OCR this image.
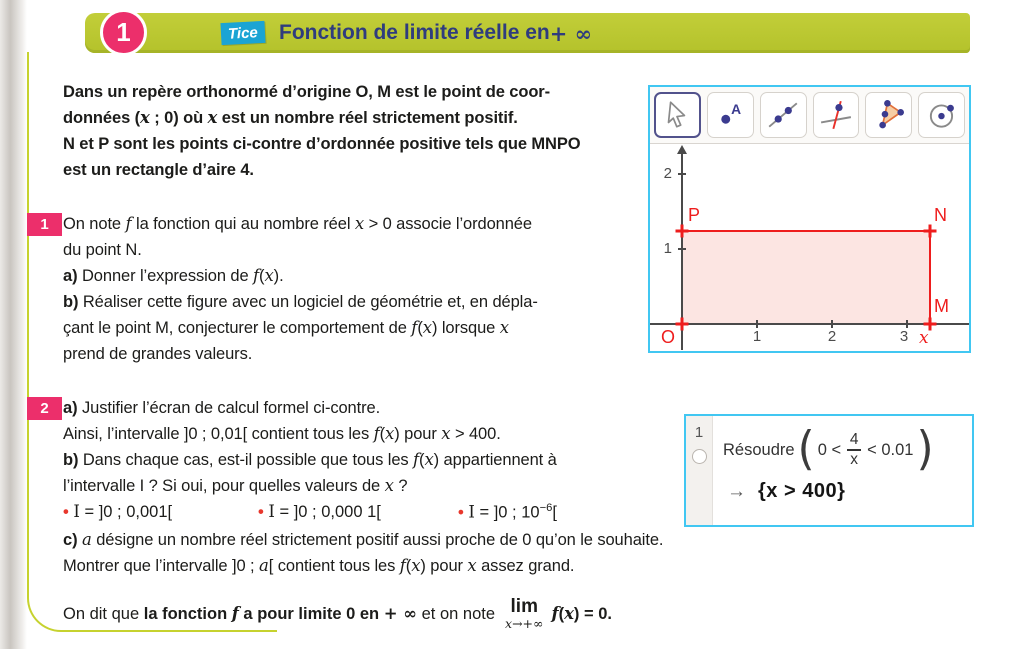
Tice Fonction de limite réelle en + ∞
1
Dans un repère orthonormé d’origine O, M est le point de coor-
données (x ; 0) où x est un nombre réel strictement positif.
N et P sont les points ci-contre d’ordonnée positive tels que MNPO
est un rectangle d’aire 4.
1 On note f la fonction qui au nombre réel x > 0 associe l’ordonnée
du point N.
a) Donner l’expression de f(x).
b) Réaliser cette figure avec un logiciel de géométrie et, en dépla-
çant le point M, conjecturer le comportement de f(x) lorsque x
prend de grandes valeurs.
2 a) Justifier l’écran de calcul formel ci-contre.
Ainsi, l’intervalle ]0 ; 0,01[ contient tous les f(x) pour x > 400.
b) Dans chaque cas, est-il possible que tous les f(x) appartiennent à
l’intervalle I ? Si oui, pour quelles valeurs de x ?
• I = ]0 ; 0,001[	• I = ]0 ; 0,000 1[	• I = ]0 ; $10^{-6}$[
c) a désigne un nombre réel strictement positif aussi proche de 0 qu’on le souhaite.
Montrer que l’intervalle ]0 ; a[ contient tous les f(x) pour x assez grand.
On dit que la fonction f a pour limite 0 en + ∞ et on note lim
x→+∞
f(x) = 0.
A
1	2	3
1
2
P	N
M
O	x
1
Résoudre ( $0 < \frac{4}{x} < 0.01$ )
→ {x > 400}
